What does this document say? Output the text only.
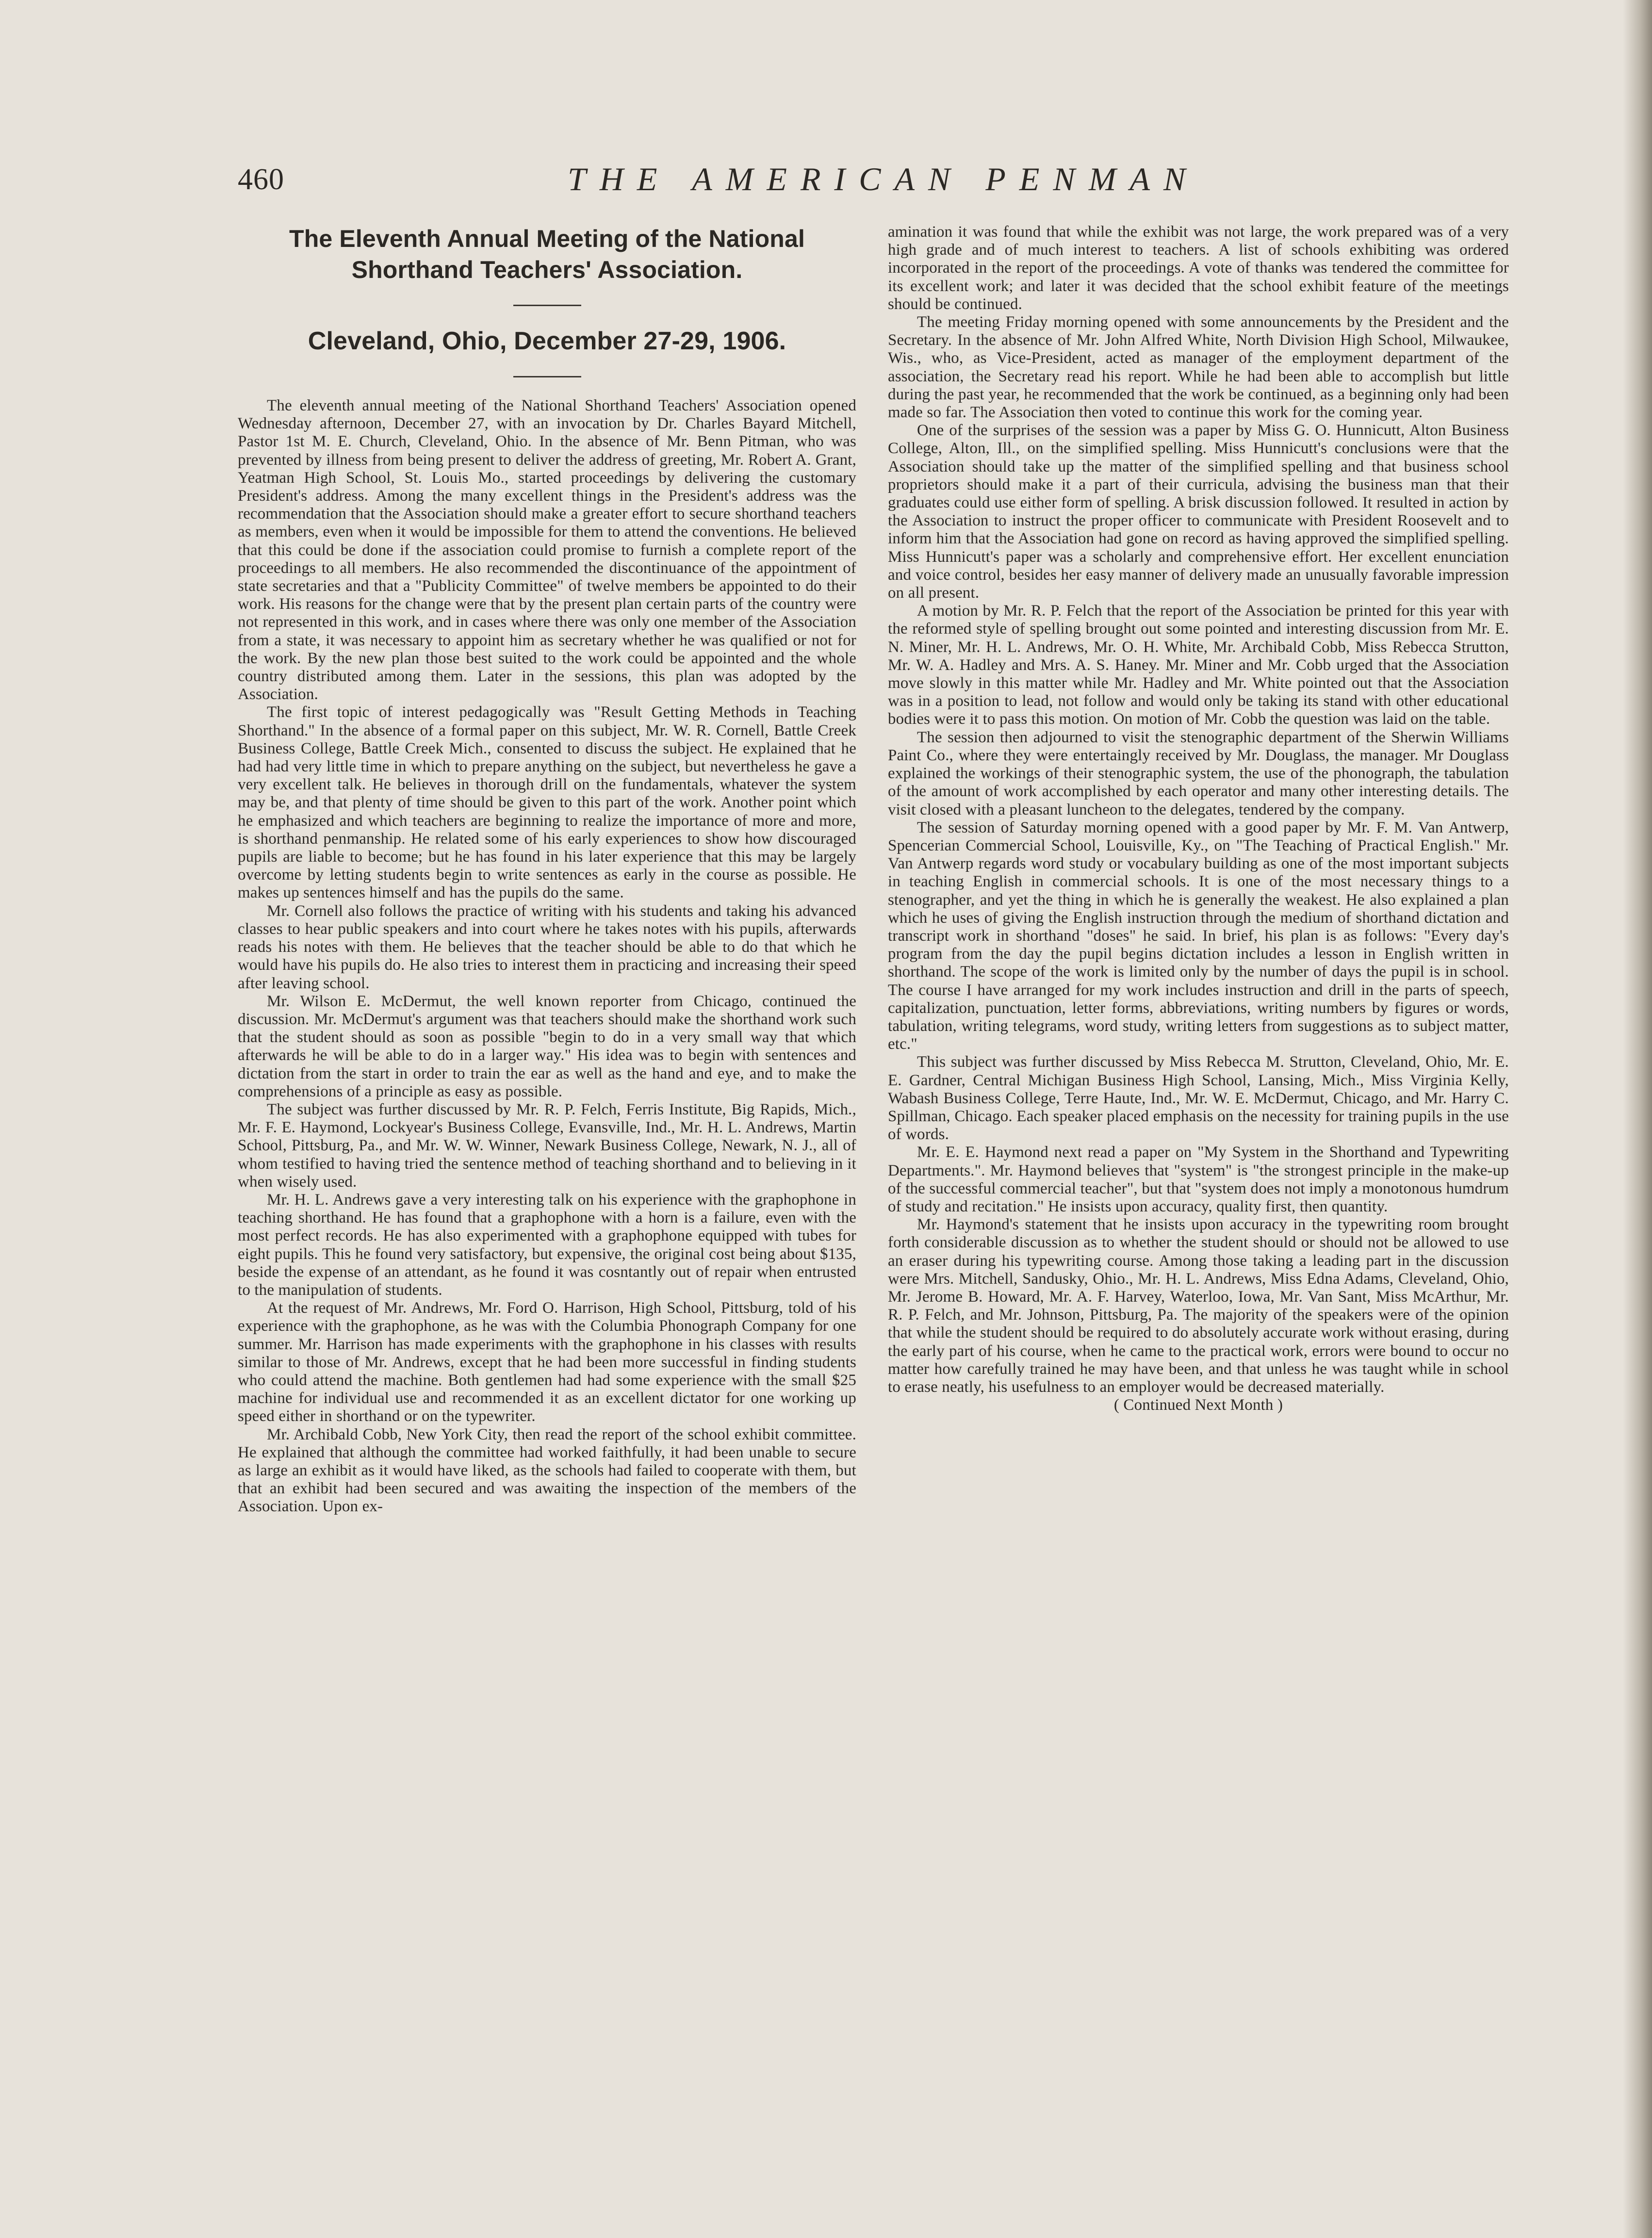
460	THE AMERICAN PENMAN
The Eleventh Annual Meeting of the National Shorthand Teachers' Association.
Cleveland, Ohio, December 27-29, 1906.

The eleventh annual meeting of the National Shorthand Teachers' Association opened Wednesday afternoon, December 27, with an invocation by Dr. Charles Bayard Mitchell, Pastor 1st M. E. Church, Cleveland, Ohio. In the absence of Mr. Benn Pitman, who was prevented by illness from being present to deliver the address of greeting, Mr. Robert A. Grant, Yeatman High School, St. Louis Mo., started proceedings by delivering the customary President's address. Among the many excellent things in the President's address was the recommendation that the Association should make a greater effort to secure shorthand teachers as members, even when it would be impossible for them to attend the conventions. He believed that this could be done if the association could promise to furnish a complete report of the proceedings to all members. He also recommended the discontinuance of the appointment of state secretaries and that a "Publicity Committee" of twelve members be appointed to do their work. His reasons for the change were that by the present plan certain parts of the country were not represented in this work, and in cases where there was only one member of the Association from a state, it was necessary to appoint him as secretary whether he was qualified or not for the work. By the new plan those best suited to the work could be appointed and the whole country distributed among them. Later in the sessions, this plan was adopted by the Association.

The first topic of interest pedagogically was "Result Getting Methods in Teaching Shorthand." In the absence of a formal paper on this subject, Mr. W. R. Cornell, Battle Creek Business College, Battle Creek Mich., consented to discuss the subject. He explained that he had had very little time in which to prepare anything on the subject, but nevertheless he gave a very excellent talk. He believes in thorough drill on the fundamentals, whatever the system may be, and that plenty of time should be given to this part of the work. Another point which he emphasized and which teachers are beginning to realize the importance of more and more, is shorthand penmanship. He related some of his early experiences to show how discouraged pupils are liable to become; but he has found in his later experience that this may be largely overcome by letting students begin to write sentences as early in the course as possible. He makes up sentences himself and has the pupils do the same.

Mr. Cornell also follows the practice of writing with his students and taking his advanced classes to hear public speakers and into court where he takes notes with his pupils, afterwards reads his notes with them. He believes that the teacher should be able to do that which he would have his pupils do. He also tries to interest them in practicing and increasing their speed after leaving school.

Mr. Wilson E. McDermut, the well known reporter from Chicago, continued the discussion. Mr. McDermut's argument was that teachers should make the shorthand work such that the student should as soon as possible "begin to do in a very small way that which afterwards he will be able to do in a larger way." His idea was to begin with sentences and dictation from the start in order to train the ear as well as the hand and eye, and to make the comprehensions of a principle as easy as possible.

The subject was further discussed by Mr. R. P. Felch, Ferris Institute, Big Rapids, Mich., Mr. F. E. Haymond, Lockyear's Business College, Evansville, Ind., Mr. H. L. Andrews, Martin School, Pittsburg, Pa., and Mr. W. W. Winner, Newark Business College, Newark, N. J., all of whom testified to having tried the sentence method of teaching shorthand and to believing in it when wisely used.

Mr. H. L. Andrews gave a very interesting talk on his experience with the graphophone in teaching shorthand. He has found that a graphophone with a horn is a failure, even with the most perfect records. He has also experimented with a graphophone equipped with tubes for eight pupils. This he found very satisfactory, but expensive, the original cost being about $135, beside the expense of an attendant, as he found it was cosntantly out of repair when entrusted to the manipulation of students.

At the request of Mr. Andrews, Mr. Ford O. Harrison, High School, Pittsburg, told of his experience with the graphophone, as he was with the Columbia Phonograph Company for one summer. Mr. Harrison has made experiments with the graphophone in his classes with results similar to those of Mr. Andrews, except that he had been more successful in finding students who could attend the machine. Both gentlemen had had some experience with the small $25 machine for individual use and recommended it as an excellent dictator for one working up speed either in shorthand or on the typewriter.

Mr. Archibald Cobb, New York City, then read the report of the school exhibit committee. He explained that although the committee had worked faithfully, it had been unable to secure as large an exhibit as it would have liked, as the schools had failed to cooperate with them, but that an exhibit had been secured and was awaiting the inspection of the members of the Association. Upon ex-

amination it was found that while the exhibit was not large, the work prepared was of a very high grade and of much interest to teachers. A list of schools exhibiting was ordered incorporated in the report of the proceedings. A vote of thanks was tendered the committee for its excellent work; and later it was decided that the school exhibit feature of the meetings should be continued.

The meeting Friday morning opened with some announcements by the President and the Secretary. In the absence of Mr. John Alfred White, North Division High School, Milwaukee, Wis., who, as Vice-President, acted as manager of the employment department of the association, the Secretary read his report. While he had been able to accomplish but little during the past year, he recommended that the work be continued, as a beginning only had been made so far. The Association then voted to continue this work for the coming year.

One of the surprises of the session was a paper by Miss G. O. Hunnicutt, Alton Business College, Alton, Ill., on the simplified spelling. Miss Hunnicutt's conclusions were that the Association should take up the matter of the simplified spelling and that business school proprietors should make it a part of their curricula, advising the business man that their graduates could use either form of spelling. A brisk discussion followed. It resulted in action by the Association to instruct the proper officer to communicate with President Roosevelt and to inform him that the Association had gone on record as having approved the simplified spelling. Miss Hunnicutt's paper was a scholarly and comprehensive effort. Her excellent enunciation and voice control, besides her easy manner of delivery made an unusually favorable impression on all present.

A motion by Mr. R. P. Felch that the report of the Association be printed for this year with the reformed style of spelling brought out some pointed and interesting discussion from Mr. E. N. Miner, Mr. H. L. Andrews, Mr. O. H. White, Mr. Archibald Cobb, Miss Rebecca Strutton, Mr. W. A. Hadley and Mrs. A. S. Haney. Mr. Miner and Mr. Cobb urged that the Association move slowly in this matter while Mr. Hadley and Mr. White pointed out that the Association was in a position to lead, not follow and would only be taking its stand with other educational bodies were it to pass this motion. On motion of Mr. Cobb the question was laid on the table.

The session then adjourned to visit the stenographic department of the Sherwin Williams Paint Co., where they were entertaingly received by Mr. Douglass, the manager. Mr Douglass explained the workings of their stenographic system, the use of the phonograph, the tabulation of the amount of work accomplished by each operator and many other interesting details. The visit closed with a pleasant luncheon to the delegates, tendered by the company.

The session of Saturday morning opened with a good paper by Mr. F. M. Van Antwerp, Spencerian Commercial School, Louisville, Ky., on "The Teaching of Practical English." Mr. Van Antwerp regards word study or vocabulary building as one of the most important subjects in teaching English in commercial schools. It is one of the most necessary things to a stenographer, and yet the thing in which he is generally the weakest. He also explained a plan which he uses of giving the English instruction through the medium of shorthand dictation and transcript work in shorthand "doses" he said. In brief, his plan is as follows: "Every day's program from the day the pupil begins dictation includes a lesson in English written in shorthand. The scope of the work is limited only by the number of days the pupil is in school. The course I have arranged for my work includes instruction and drill in the parts of speech, capitalization, punctuation, letter forms, abbreviations, writing numbers by figures or words, tabulation, writing telegrams, word study, writing letters from suggestions as to subject matter, etc."

This subject was further discussed by Miss Rebecca M. Strutton, Cleveland, Ohio, Mr. E. E. Gardner, Central Michigan Business High School, Lansing, Mich., Miss Virginia Kelly, Wabash Business College, Terre Haute, Ind., Mr. W. E. McDermut, Chicago, and Mr. Harry C. Spillman, Chicago. Each speaker placed emphasis on the necessity for training pupils in the use of words.

Mr. E. E. Haymond next read a paper on "My System in the Shorthand and Typewriting Departments.". Mr. Haymond believes that "system" is "the strongest principle in the make-up of the successful commercial teacher", but that "system does not imply a monotonous humdrum of study and recitation." He insists upon accuracy, quality first, then quantity.

Mr. Haymond's statement that he insists upon accuracy in the typewriting room brought forth considerable discussion as to whether the student should or should not be allowed to use an eraser during his typewriting course. Among those taking a leading part in the discussion were Mrs. Mitchell, Sandusky, Ohio., Mr. H. L. Andrews, Miss Edna Adams, Cleveland, Ohio, Mr. Jerome B. Howard, Mr. A. F. Harvey, Waterloo, Iowa, Mr. Van Sant, Miss McArthur, Mr. R. P. Felch, and Mr. Johnson, Pittsburg, Pa. The majority of the speakers were of the opinion that while the student should be required to do absolutely accurate work without erasing, during the early part of his course, when he came to the practical work, errors were bound to occur no matter how carefully trained he may have been, and that unless he was taught while in school to erase neatly, his usefulness to an employer would be decreased materially.

( Continued Next Month )
